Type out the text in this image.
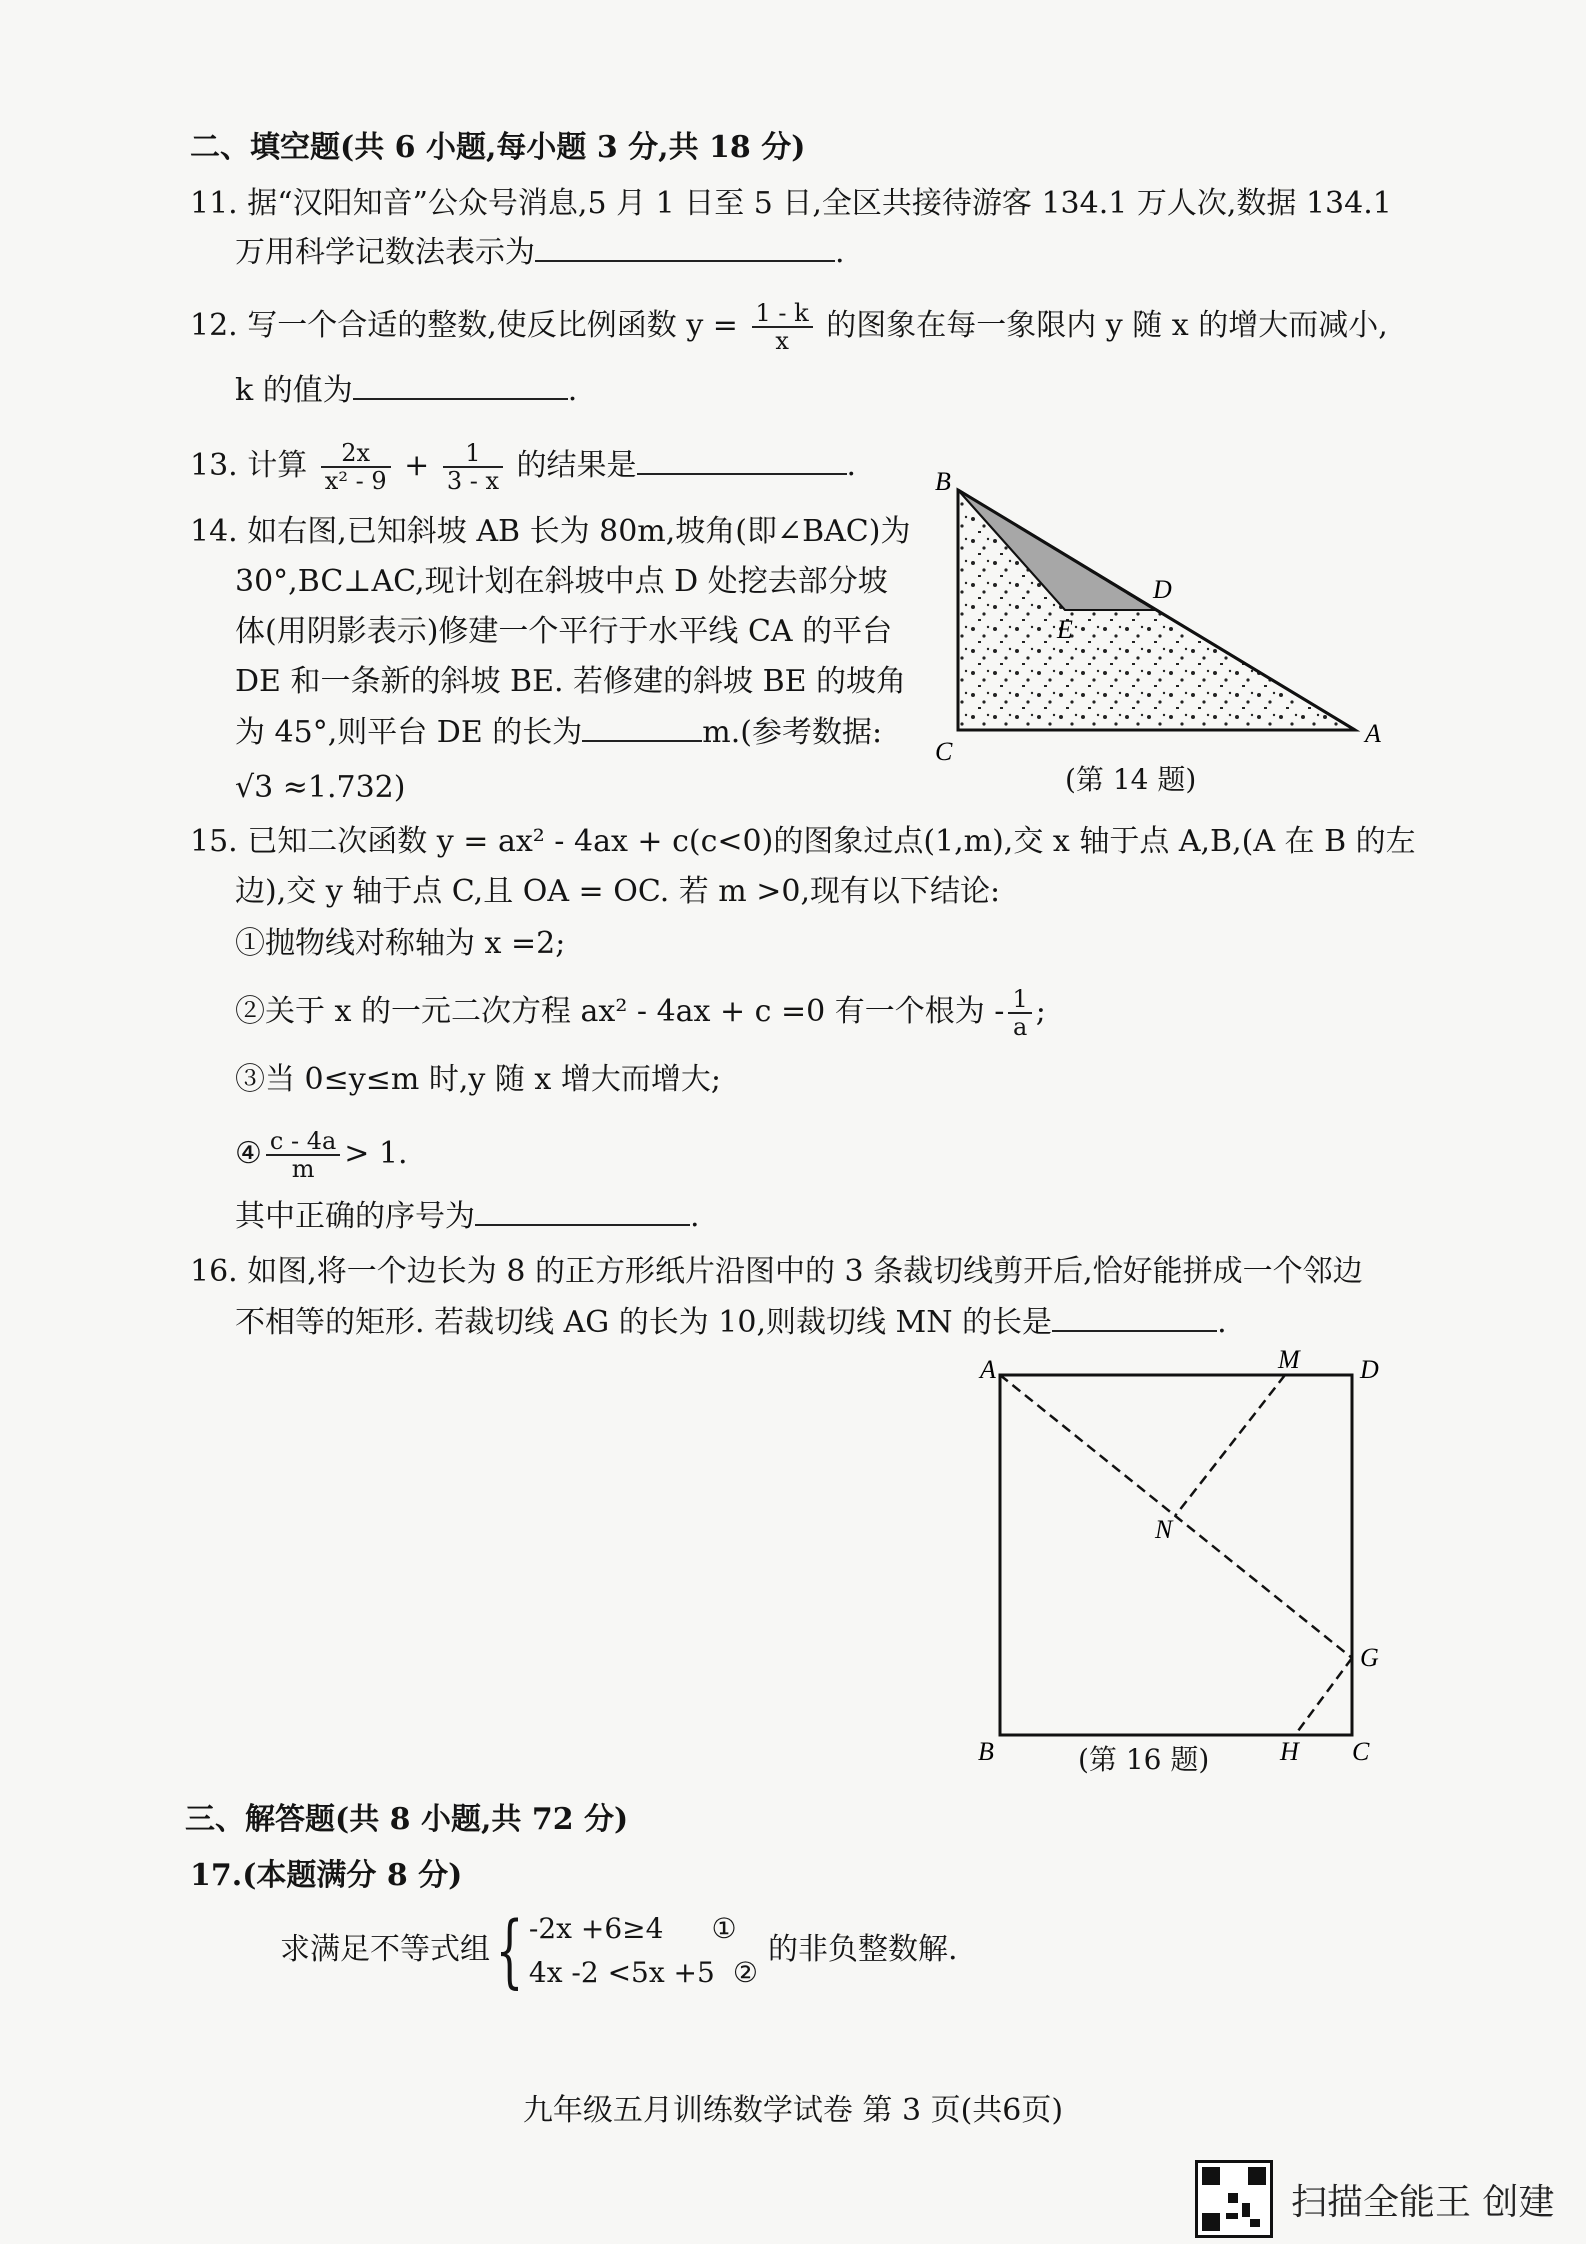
二、填空题(共 6 小题,每小题 3 分,共 18 分)
11. 据“汉阳知音”公众号消息,5 月 1 日至 5 日,全区共接待游客 134.1 万人次,数据 134.1
万用科学记数法表示为	.
12. 写一个合适的整数,使反比例函数 $y = \frac{1 - k}{x}$ 的图象在每一象限内 y 随 x 的增大而减小,
k 的值为	.
13. 计算 $\frac{2x}{\text{x² - 9}} + \frac{1}{3 - x}$ 的结果是	.
14. 如右图,已知斜坡 AB 长为 80m,坡角(即∠BAC)为
30°,BC⊥AC,现计划在斜坡中点 D 处挖去部分坡
体(用阴影表示)修建一个平行于水平线 CA 的平台
DE 和一条新的斜坡 BE. 若修建的斜坡 BE 的坡角
为 45°,则平台 DE 的长为	m.(参考数据:
√3 ≈1.732)
B
C
A
D
E
(第 14 题)
15. 已知二次函数 y = ax² - 4ax + c(c<0)的图象过点(1,m),交 x 轴于点 A,B,(A 在 B 的左
边),交 y 轴于点 C,且 OA = OC. 若 m >0,现有以下结论:
①抛物线对称轴为 x =2;
②关于 x 的一元二次方程 ax² - 4ax + c =0 有一个根为 - $\frac{1}{a}$ ;
③当 0≤y≤m 时,y 随 x 增大而增大;
④ $\frac{c - 4a}{m} > 1$.
其中正确的序号为	.
16. 如图,将一个边长为 8 的正方形纸片沿图中的 3 条裁切线剪开后,恰好能拼成一个邻边
不相等的矩形. 若裁切线 AG 的长为 10,则裁切线 MN 的长是	.
A	M D
N
G
B	H C
(第 16 题)
三、解答题(共 8 小题,共 72 分)
17.(本题满分 8 分)
求满足不等式组{ -2x +6≥4 ①
4x -2 <5x +5 ②
的非负整数解.
九年级五月训练数学试卷 第 3 页(共6页)
扫描全能王 创建
